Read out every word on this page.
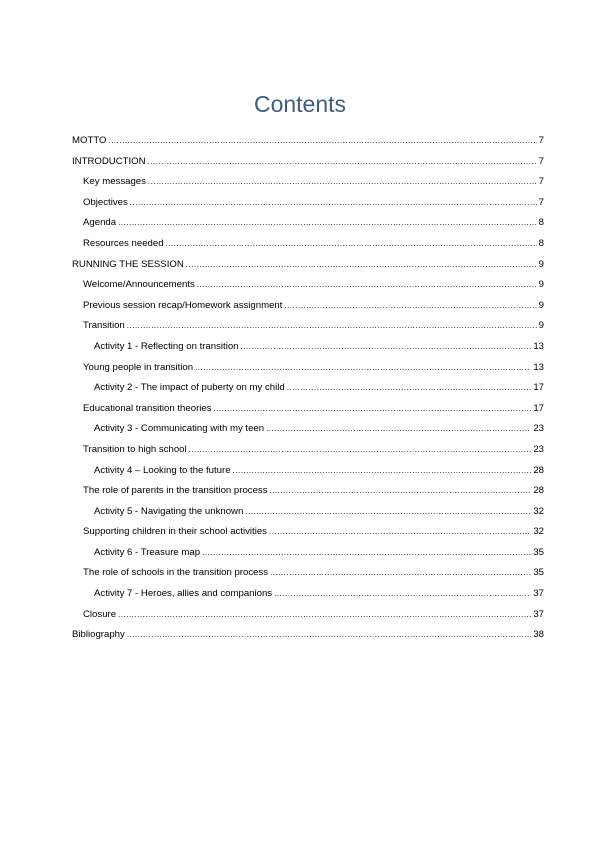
Contents
MOTTO .....	7
INTRODUCTION .....	7
Key messages .....	7
Objectives .....	7
Agenda .....	8
Resources needed .....	8
RUNNING THE SESSION .....	9
Welcome/Announcements .....	9
Previous session recap/Homework assignment .....	9
Transition .....	9
Activity 1 - Reflecting on transition .....	13
Young people in transition .....	13
Activity 2 - The impact of puberty on my child .....	17
Educational transition theories .....	17
Activity 3 - Communicating with my teen .....	23
Transition to high school .....	23
Activity 4 – Looking to the future .....	28
The role of parents in the transition process .....	28
Activity 5 - Navigating the unknown .....	32
Supporting children in their school activities .....	32
Activity 6 - Treasure map .....	35
The role of schools in the transition process .....	35
Activity 7 - Heroes, allies and companions .....	37
Closure .....	37
Bibliography .....	38
